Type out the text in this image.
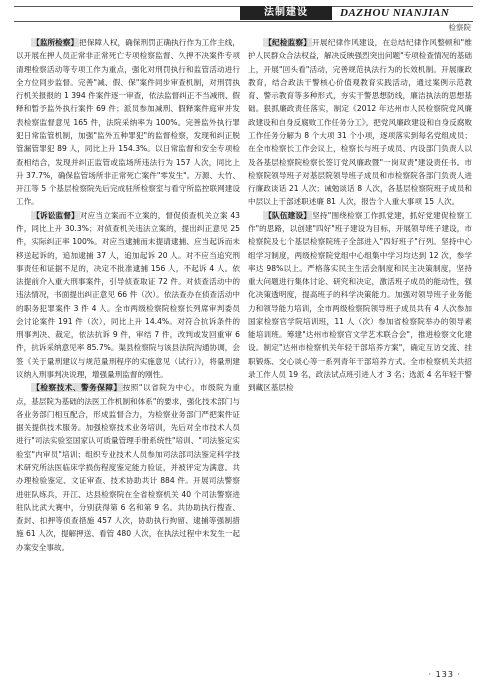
法制建设	DAZHOU NIANJIAN
检察院

【监所检察】把保障人权，确保刑罚正确执行作为工作主线，以开展在押人员正常非正常死亡专项检察监督、久押不决案件专项清理检察活动等专项工作为重点，强化对刑罚执行和监管活动进行全方位同步监督。完善"减、假、保"案件同步审查机制，对刑罚执行机关报报的 1 394 件案件逐一审查，依法监督纠正不当减刑、假释和暂予监外执行案件 69 件；派员参加减刑、假释案件庭审并发表检察监督意见 165 件，法院采纳率为 100%。完善监外执行罪犯日常监管机制，加强"监外五种罪犯"的监督检察，发现和纠正脱管漏管罪犯 89 人，同比上升 154.3%。以日常监督和安全专项检查相结合，发现并纠正监管或监场所违法行为 157 人次，同比上升 37.7%，确保监管场所非正常死亡案件"零发生"。万源、大竹、开江等 5 个基层检察院先后完成驻所检察室与看守所监控联网建设工作。

【诉讼监督】对应当立案而不立案的，督促侦查机关立案 43 件，同比上升 30.3%；对侦查机关违法立案的，提出纠正意见 25 件，实际纠正率 100%。对应当逮捕而未提请逮捕、应当起诉而未移送起诉的，追加逮捕 37 人，追加起诉 20 人。对不应当追究刑事责任和证据不足的，决定不批准逮捕 156 人，不起诉 4 人。依法提前介入重大刑事案件，引导侦查取证 72 件。对侦查活动中的违法情况，书面提出纠正意见 66 件（次）。依法查办在侦查活动中的职务犯罪案件 3 件 4 人。全市两级检察院检察长列席审判委员会讨论案件 191 件（次），同比上升 14.4%。对符合抗诉条件的刑事判决、裁定，依法抗诉 9 件，审结 7 件，改判或发回重审 6 件，抗诉采纳意见率 85.7%。渠县检察院与该县法院沟通协调，会签《关于量刑建议与规范量刑程序的实施意见（试行）》，将量刑建议纳入刑事判决说理，增强量刑监督的刚性。

【检察技术、警务保障】按照"以省院为中心，市级院为重点，基层院为基础的法医工作机制和体系"的要求，强化技术部门与各业务部门相互配合，形成监督合力，为检察业务部门严把案件证据关提供技术服务。加强检察技术业务培训，先后对全市技术人员进行"司法实验室国家认可质量管理手册系统性"培训、"司法鉴定实验室"内审员"培训；组织专业技术人员参加司法部司法鉴定科学技术研究所法医临床学损伤程度鉴定能力验证，并被评定为满意。共办理检验鉴定、文证审查、技术协助共计 884 件。开展司法警察进驻队练兵，开江、达县检察院在全省检察机关 40 个司法警察进驻队比武大赛中，分别获得第 6 名和第 9 名。共协助执行搜查、查封、扣押等侦查措施 457 人次，协助执行拘留、逮捕等强制措施 61 人次，提解押送、看管 480 人次，在执法过程中未发生一起办案安全事故。

【纪检监察】开展纪律作风建设，在总结纪律作风整顿和"维护人民群众合法权益，解决反映强烈突出问题"专项检查情况的基础上，开展"回头看"活动，完善规范执法行为的长效机制。开展廉政教育，结合政法干警核心价值观教育实践活动，通过案例示范教育、警示教育等多种形式，夯实干警思想防线，廉洁执法的思想基础。狠抓廉政责任落实，制定《2012 年达州市人民检察院党风廉政建设和自身反腐败工作任务分工》，把党风廉政建设和自身反腐败工作任务分解为 8 个大项 31 个小项，逐项落实到每名党组成员；在全市检察长工作会议上，检察长与班子成员、内设部门负责人以及各基层检察院检察长签订党风廉政暨"一岗双责"建设责任书。市检察院领导班子对基层院领导班子成员和市检察院各部门负责人进行廉政谈话 21 人次；诫勉谈话 8 人次，各基层检察院班子成员和中层以上干部述职述廉 81 人次，报告个人重大事项 15 人次。

【队伍建设】坚持"围绕检察工作抓党建，抓好党建促检察工作"的思路，以创建"四好"班子建设为目标，开展领导班子建设，市检察院及七个基层检察院班子全部进入"四好班子"行列。坚持中心组学习制度，两级检察院党组中心组集中学习均达到 12 次，参学率达 98%以上。严格落实民主生活会制度和民主决策制度，坚持重大问题进行集体讨论、研究和决定，激活班子成员的能动性，强化决策透明度，提高班子的科学决策能力。加强对领导班子业务能力和领导能力培训，全市两级检察院领导班子成员共有 4 人次参加国家检察官学院培训班，11 人（次）参加省检察院举办的领导素能培训班。筹建"达州市检察官文学艺术联合会"，推进检察文化建设。制定"达州市检察机关年轻干部培养方案"，确定互访交流、挂职锻炼、交心谈心等一系列青年干部培养方式。全市检察机关共招录工作人员 19 名，政法试点班引进人才 3 名；选派 4 名年轻干警到藏区基层检

· 133 ·
